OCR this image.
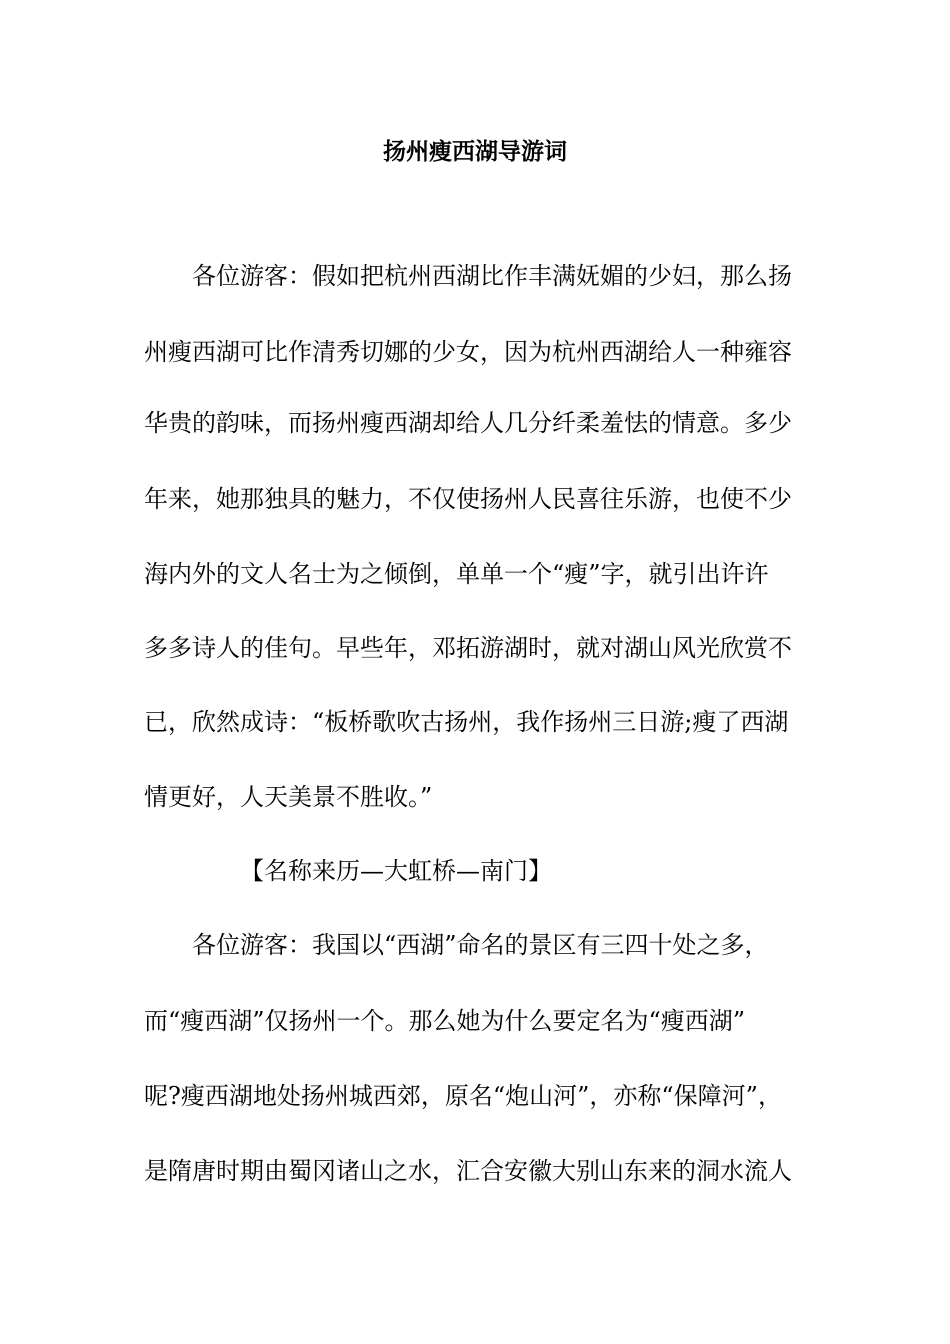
扬州瘦西湖导游词

各位游客：假如把杭州西湖比作丰满妩媚的少妇，那么扬

州瘦西湖可比作清秀切娜的少女，因为杭州西湖给人一种雍容

华贵的韵味，而扬州瘦西湖却给人几分纤柔羞怯的情意。多少

年来，她那独具的魅力，不仅使扬州人民喜往乐游，也使不少

海内外的文人名士为之倾倒，单单一个“瘦”字，就引出许许

多多诗人的佳句。早些年，邓拓游湖时，就对湖山风光欣赏不

已，欣然成诗：“板桥歌吹古扬州，我作扬州三日游;瘦了西湖

情更好，人天美景不胜收。”

【名称来历—大虹桥—南门】

各位游客：我国以“西湖”命名的景区有三四十处之多，

而“瘦西湖”仅扬州一个。那么她为什么要定名为“瘦西湖”

呢?瘦西湖地处扬州城西郊，原名“炮山河”，亦称“保障河”，

是隋唐时期由蜀冈诸山之水，汇合安徽大别山东来的洞水流人
